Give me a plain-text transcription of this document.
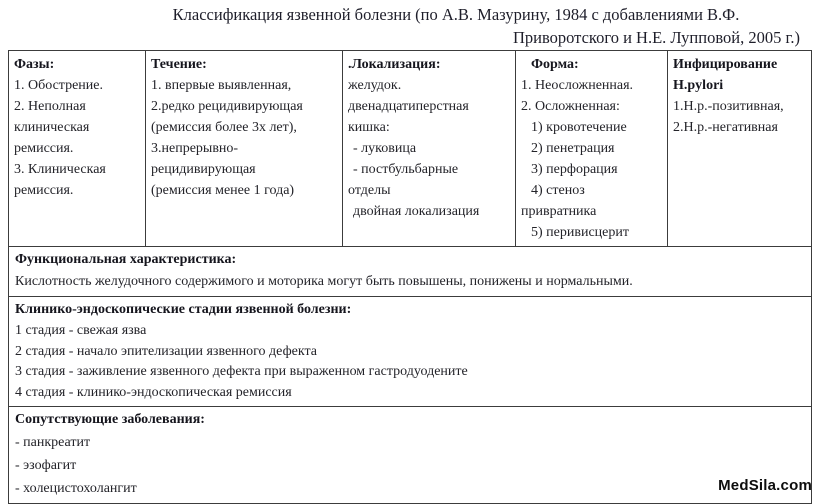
Классификация язвенной болезни (по А.В. Мазурину, 1984 с добавлениями В.Ф.
Приворотского и Н.Е. Лупповой, 2005 г.)
Фазы:
1. Обострение.
2. Неполная
клиническая
ремиссия.
3. Клиническая
ремиссия.
Течение:
1. впервые выявленная,
2.редко рецидивирующая
(ремиссия более 3х лет),
3.непрерывно-
рецидивирующая
(ремиссия менее 1 года)
.Локализация:
желудок.
двенадцатиперстная
кишка:
- луковица
- постбульбарные
отделы
двойная локализация
Форма:
1. Неосложненная.
2. Осложненная:
1) кровотечение
2) пенетрация
3) перфорация
4) стеноз
привратника
5) перивисцерит
Инфицирование H.pylori
1.Н.р.-позитивная,
2.Н.р.-негативная
Функциональная характеристика:
Кислотность желудочного содержимого и моторика могут быть повышены, понижены и нормальными.
Клинико-эндоскопические стадии язвенной болезни:
1 стадия - свежая язва
2 стадия - начало эпителизации язвенного дефекта
3 стадия - заживление язвенного дефекта при выраженном гастродуодените
4 стадия - клинико-эндоскопическая ремиссия
Сопутствующие заболевания:
- панкреатит
- эзофагит
- холецистохолангит	MedSila.com
